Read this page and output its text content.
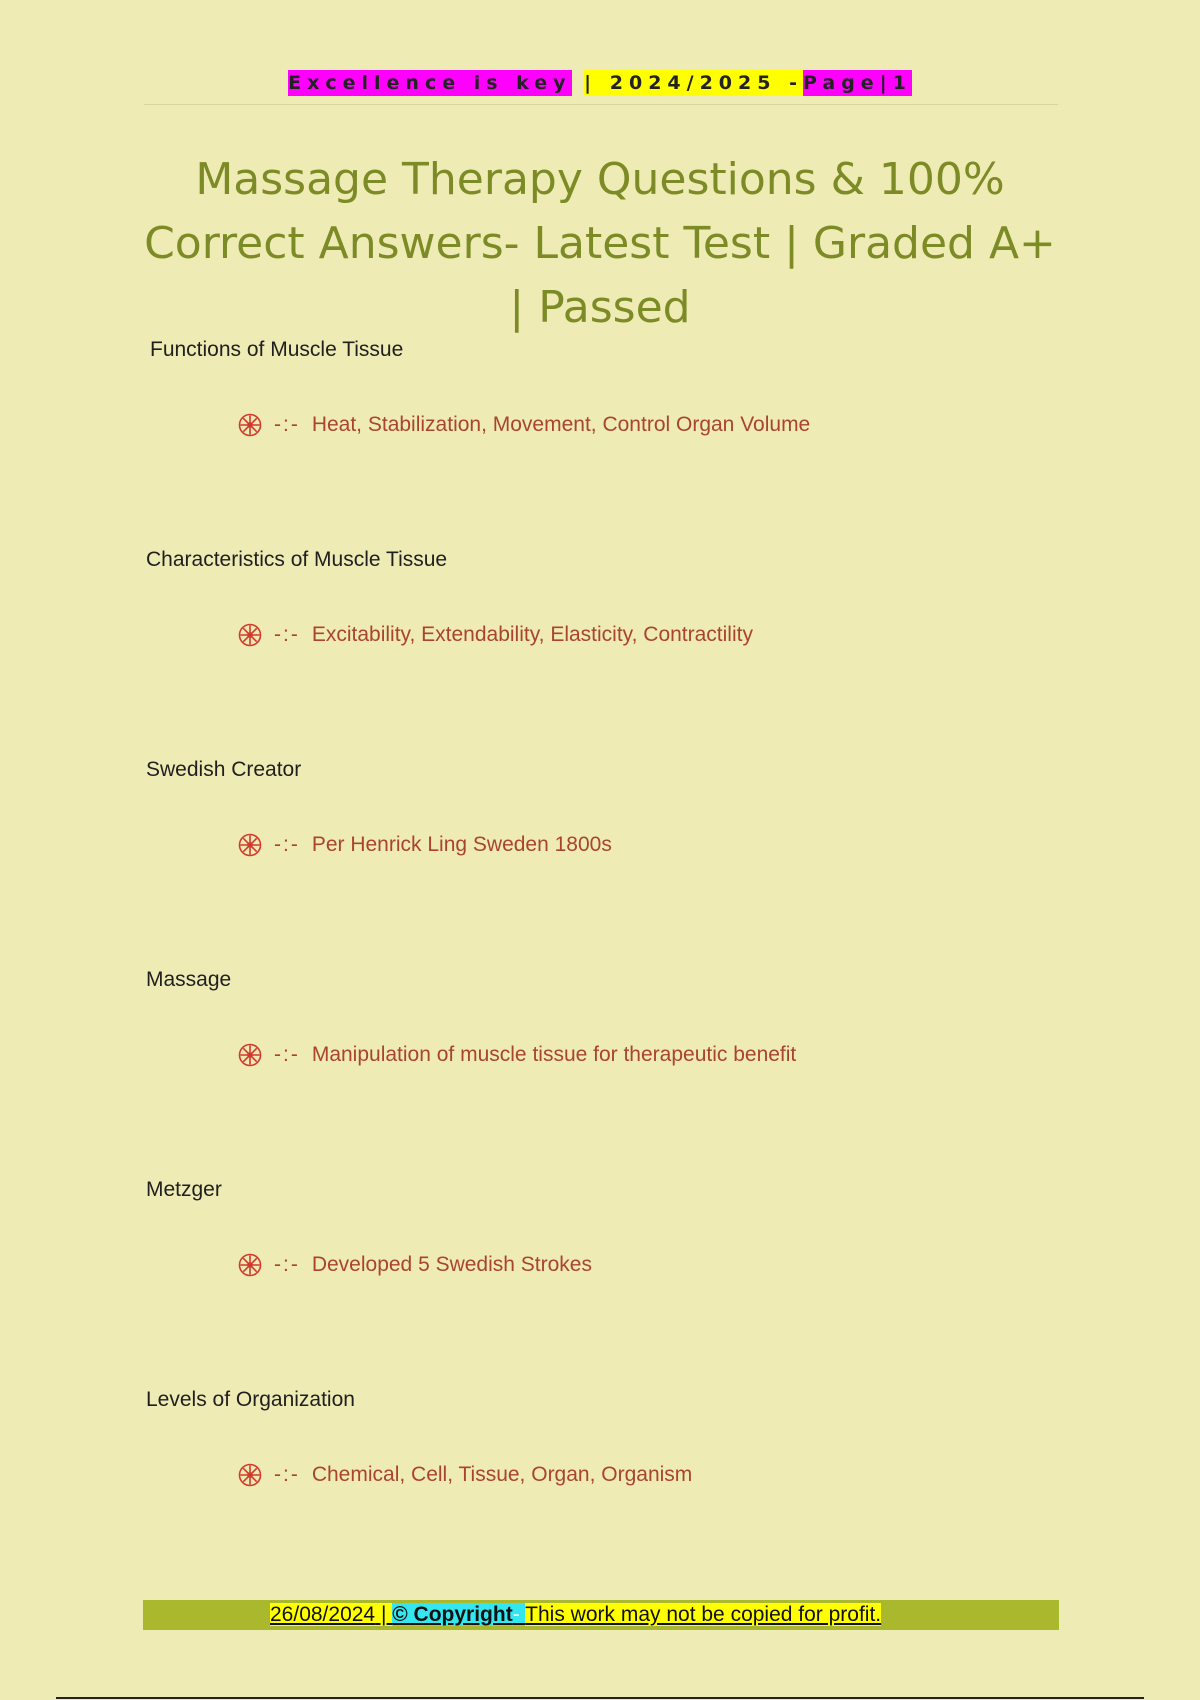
Excellence is key | 2024/2025 -Page|1
Massage Therapy Questions & 100%
Correct Answers- Latest Test | Graded A+
| Passed
Functions of Muscle Tissue
-:- Heat, Stabilization, Movement, Control Organ Volume
Characteristics of Muscle Tissue
-:- Excitability, Extendability, Elasticity, Contractility
Swedish Creator
-:- Per Henrick Ling Sweden 1800s
Massage
-:- Manipulation of muscle tissue for therapeutic benefit
Metzger
-:- Developed 5 Swedish Strokes
Levels of Organization
-:- Chemical, Cell, Tissue, Organ, Organism
26/08/2024 | © Copyright- This work may not be copied for profit.
